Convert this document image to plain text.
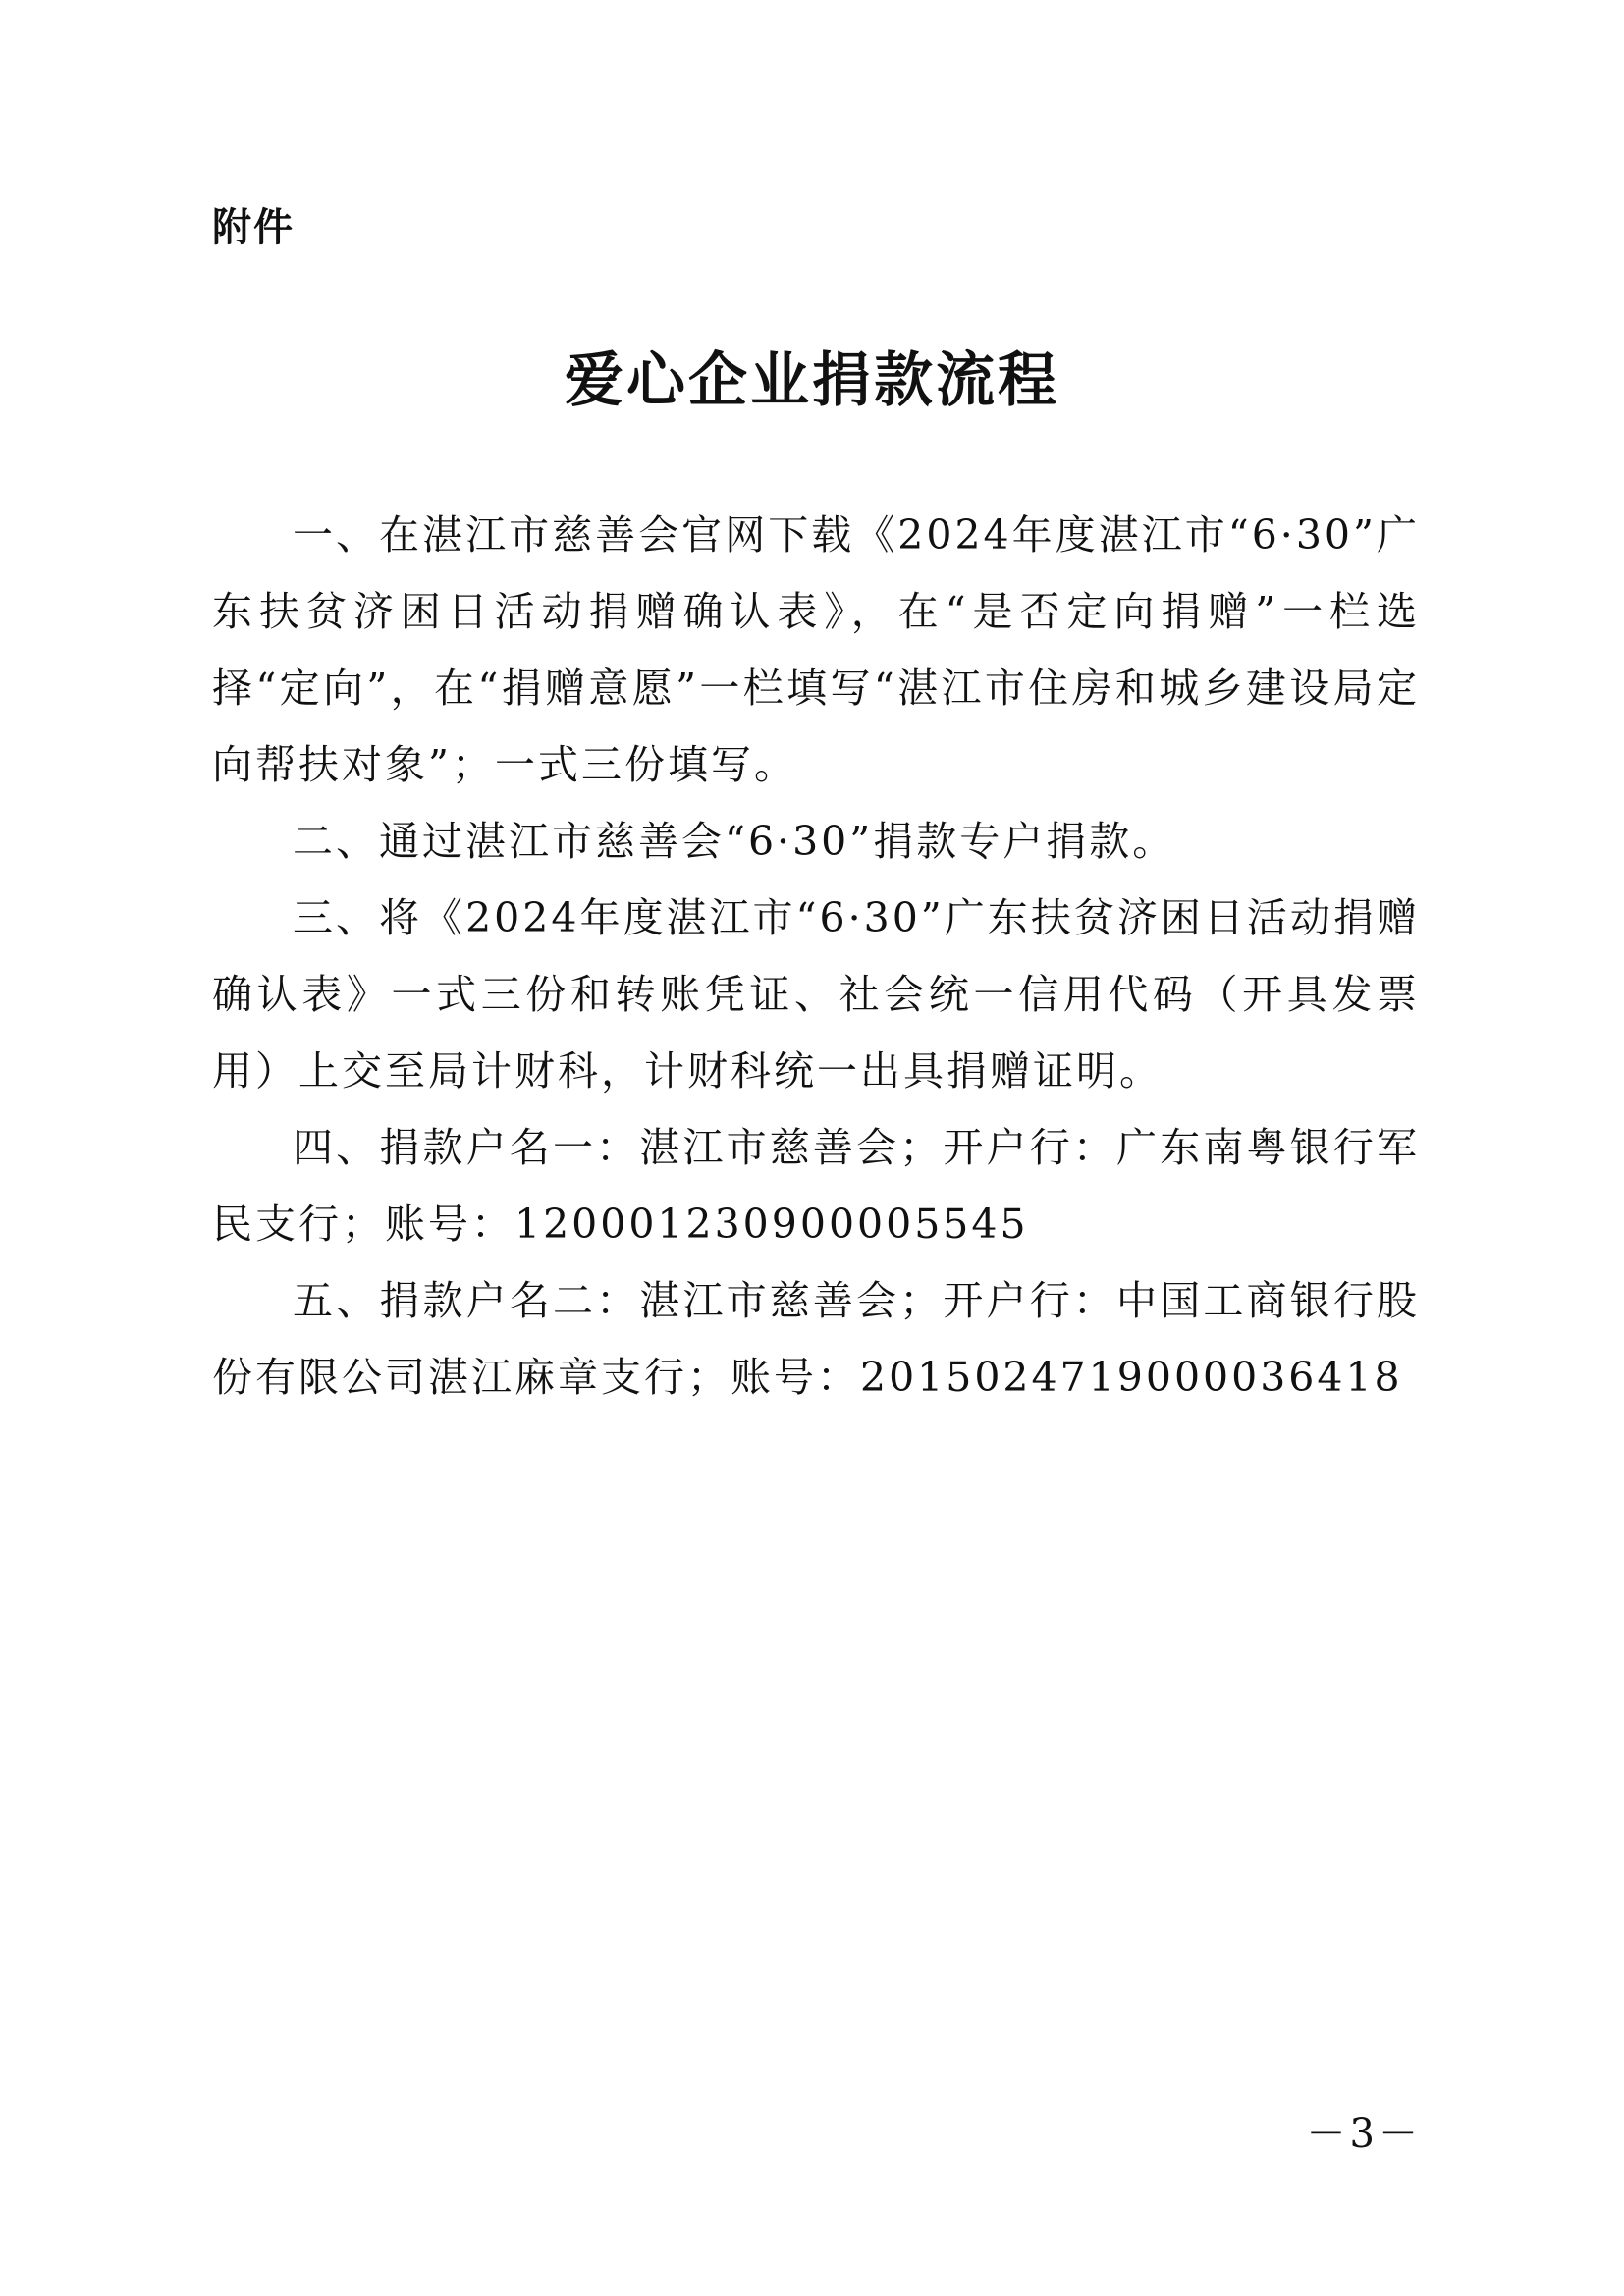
附件
爱心企业捐款流程

一、在湛江市慈善会官网下载《2024年度湛江市“6·30”广东扶贫济困日活动捐赠确认表》，在“是否定向捐赠”一栏选择“定向”，在“捐赠意愿”一栏填写“湛江市住房和城乡建设局定向帮扶对象”；一式三份填写。

二、通过湛江市慈善会“6·30”捐款专户捐款。

三、将《2024年度湛江市“6·30”广东扶贫济困日活动捐赠确认表》一式三份和转账凭证、社会统一信用代码（开具发票用）上交至局计财科，计财科统一出具捐赠证明。

四、捐款户名一：湛江市慈善会；开户行：广东南粤银行军民支行；账号：120001230900005545

五、捐款户名二：湛江市慈善会；开户行：中国工商银行股份有限公司湛江麻章支行；账号：2015024719000036418

－3－
